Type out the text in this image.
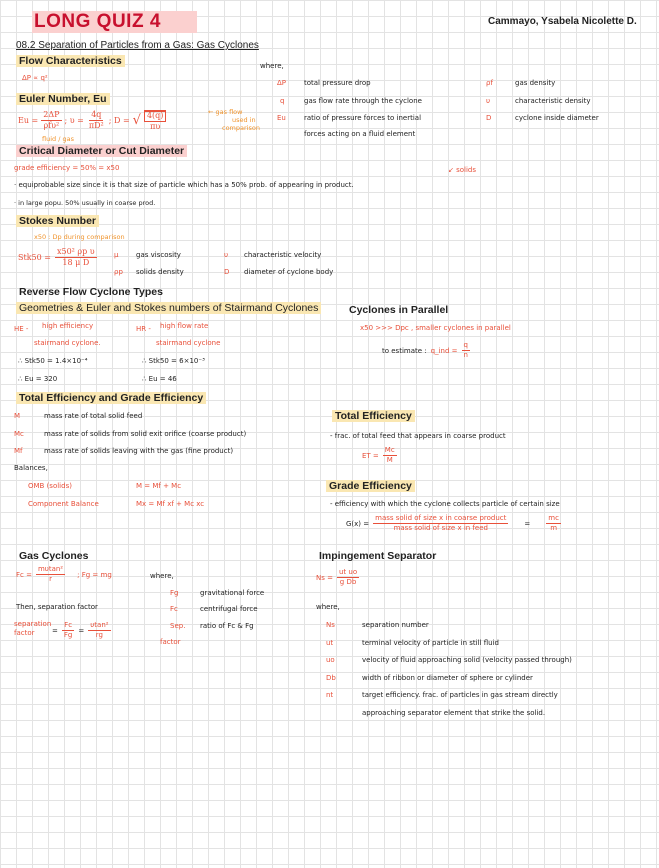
LONG QUIZ 4	Cammayo, Ysabela Nicolette D.
08.2 Separation of Particles from a Gas: Gas Cyclones
Flow Characteristics
ΔP ∝ q²
where,
ΔP	total pressure drop
q	gas flow rate through the cyclone
Eu	ratio of pressure forces to inertial
forces acting on a fluid element
ρf	gas density
υ	characteristic density
D	cyclone inside diameter
Euler Number, Eu
$Eu = \frac{2\Delta P}{\text{ρfυ²}}$ ; $\upsilon = \frac{4q}{\text{πD²}}$ ; D = √ $\frac{4(q)}{\pi\upsilon}$	← gas flow
used in
comparison
fluid / gas
Critical Diameter or Cut Diameter
grade efficiency = 50% = x50	↙ solids
· equiprobable size since it is that size of particle which has a 50% prob. of appearing in product.
· in large popu. 50% usually in coarse prod.
Stokes Number
x50 : Dp during comparison
$Stk50 = \frac{\text{x50² ρp υ}}{\text{18 μ D}}$ μ	gas viscosity	υ characteristic velocity
ρp solids density	D diameter of cyclone body
Reverse Flow Cyclone Types
Geometries & Euler and Stokes numbers of Stairmand Cyclones
HE - high efficiency
stairmand cyclone.
∴ Stk50 = 1.4×10⁻⁴
∴ Eu = 320
HR - high flow rate
stairmand cyclone
∴ Stk50 = 6×10⁻³
∴ Eu = 46
Cyclones in Parallel
x50 >>> Dpc , smaller cyclones in parallel
to estimate : q_ind = $\frac{q}{n}$
Total Efficiency and Grade Efficiency
M	mass rate of total solid feed
Mc	mass rate of solids from solid exit orifice (coarse product)
Mf	mass rate of solids leaving with the gas (fine product)
Balances,
OMB (solids)	M = Mf + Mc
Component Balance	Mx = Mf xf + Mc xc
Total Efficiency
- frac. of total feed that appears in coarse product
ET = $\frac{Mc}{M}$
Grade Efficiency
- efficiency with which the cyclone collects particle of certain size
$G(x) = \frac{\text{mass solid of size x in coarse product}}{\text{mass solid of size x in feed}} = \frac{mc}{m}$
Gas Cyclones
$Fc = \frac{\text{mυtan²}}{r}$ ; Fg = mg	where,
Fg	gravitational force
Fc	centrifugal force
Sep. ratio of Fc & Fg
factor
Then, separation factor
separation factor	= $\frac{Fc}{Fg} = \frac{\text{υtan²}}{rg}$
Impingement Separator
$Ns = \frac{\text{ut uo}}{\text{g Db}}$
where,
Ns	separation number
ut	terminal velocity of particle in still fluid
uo	velocity of fluid approaching solid (velocity passed through)
Db	width of ribbon or diameter of sphere or cylinder
nt	target efficiency. frac. of particles in gas stream directly
approaching separator element that strike the solid.
